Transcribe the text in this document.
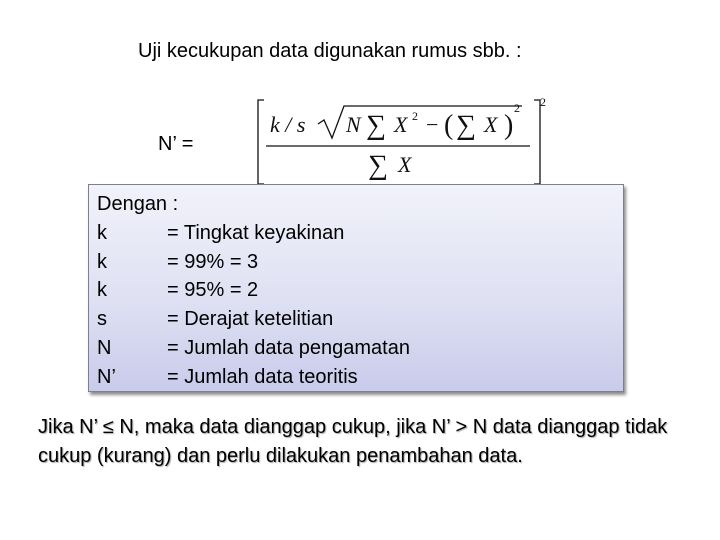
Uji kecukupan data digunakan rumus sbb. :
N’ =
2
k / s N ∑ X 2 − ( ∑ X )
2
∑ X
Dengan :
k	= Tingkat keyakinan
k	= 99% = 3
k	= 95% = 2
s	= Derajat ketelitian
N	= Jumlah data pengamatan
N’	= Jumlah data teoritis
Jika N’ ≤ N, maka data dianggap cukup, jika N’ > N data dianggap tidak cukup (kurang) dan perlu dilakukan penambahan data.
